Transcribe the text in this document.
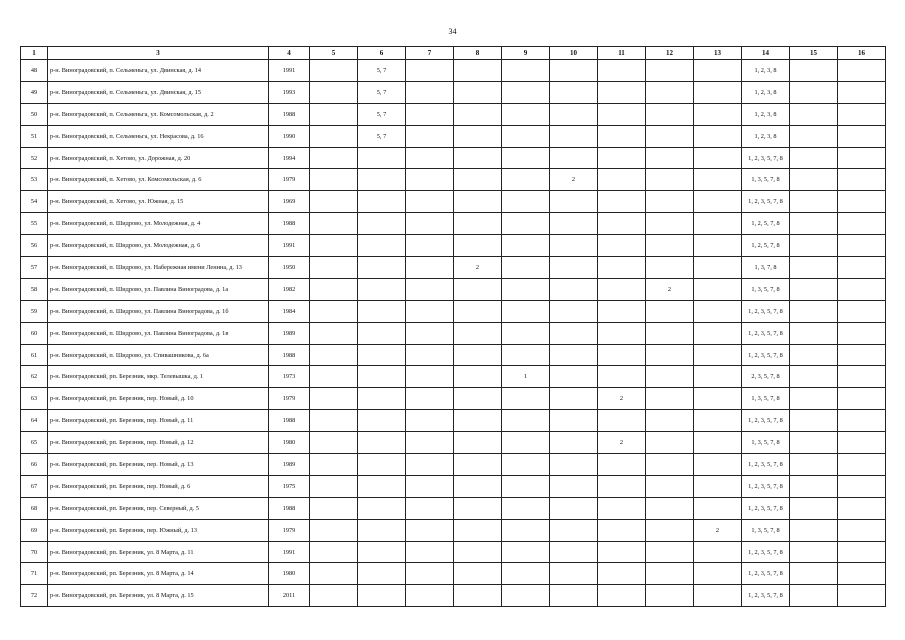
34
1	3	4	5	6	7	8	9	10	11	12	13	14	15	16
48	р-н. Виноградовский, п. Сельменьга, ул. Двинская, д. 14	1991		5, 7								1, 2, 3, 8		
49	р-н. Виноградовский, п. Сельменьга, ул. Двинская, д. 15	1993		5, 7								1, 2, 3, 8		
50	р-н. Виноградовский, п. Сельменьга, ул. Комсомольская, д. 2	1988		5, 7								1, 2, 3, 8		
51	р-н. Виноградовский, п. Сельменьга, ул. Некрасова, д. 16	1990		5, 7								1, 2, 3, 8		
52	р-н. Виноградовский, п. Хетово, ул. Дорожная, д. 20	1994										1, 2, 3, 5, 7, 8		
53	р-н. Виноградовский, п. Хетово, ул. Комсомольская, д. 6	1979						2				1, 3, 5, 7, 8		
54	р-н. Виноградовский, п. Хетово, ул. Южная, д. 15	1969										1, 2, 3, 5, 7, 8		
55	р-н. Виноградовский, п. Шидрово, ул. Молодежная, д. 4	1988										1, 2, 5, 7, 8		
56	р-н. Виноградовский, п. Шидрово, ул. Молодежная, д. 6	1991										1, 2, 5, 7, 8		
57	р-н. Виноградовский, п. Шидрово, ул. Набережная имени Ленина, д. 13	1950				2						1, 3, 7, 8		
58	р-н. Виноградовский, п. Шидрово, ул. Павлина Виноградова, д. 1а	1982								2		1, 3, 5, 7, 8		
59	р-н. Виноградовский, п. Шидрово, ул. Павлина Виноградова, д. 1б	1984										1, 2, 3, 5, 7, 8		
60	р-н. Виноградовский, п. Шидрово, ул. Павлина Виноградова, д. 1в	1989										1, 2, 3, 5, 7, 8		
61	р-н. Виноградовский, п. Шидрово, ул. Спивашникова, д. 6а	1988										1, 2, 3, 5, 7, 8		
62	р-н. Виноградовский, рп. Березник, мкр. Телевышка, д. 1	1973					1					2, 3, 5, 7, 8		
63	р-н. Виноградовский, рп. Березник, пер. Новый, д. 10	1979							2			1, 3, 5, 7, 8		
64	р-н. Виноградовский, рп. Березник, пер. Новый, д. 11	1988										1, 2, 3, 5, 7, 8		
65	р-н. Виноградовский, рп. Березник, пер. Новый, д. 12	1980							2			1, 3, 5, 7, 8		
66	р-н. Виноградовский, рп. Березник, пер. Новый, д. 13	1989										1, 2, 3, 5, 7, 8		
67	р-н. Виноградовский, рп. Березник, пер. Новый, д. 6	1975										1, 2, 3, 5, 7, 8		
68	р-н. Виноградовский, рп. Березник, пер. Северный, д. 5	1988										1, 2, 3, 5, 7, 8		
69	р-н. Виноградовский, рп. Березник, пер. Южный, д. 13	1979									2	1, 3, 5, 7, 8		
70	р-н. Виноградовский, рп. Березник, ул. 8 Марта, д. 11	1991										1, 2, 3, 5, 7, 8		
71	р-н. Виноградовский, рп. Березник, ул. 8 Марта, д. 14	1980										1, 2, 3, 5, 7, 8		
72	р-н. Виноградовский, рп. Березник, ул. 8 Марта, д. 15	2011										1, 2, 3, 5, 7, 8		
